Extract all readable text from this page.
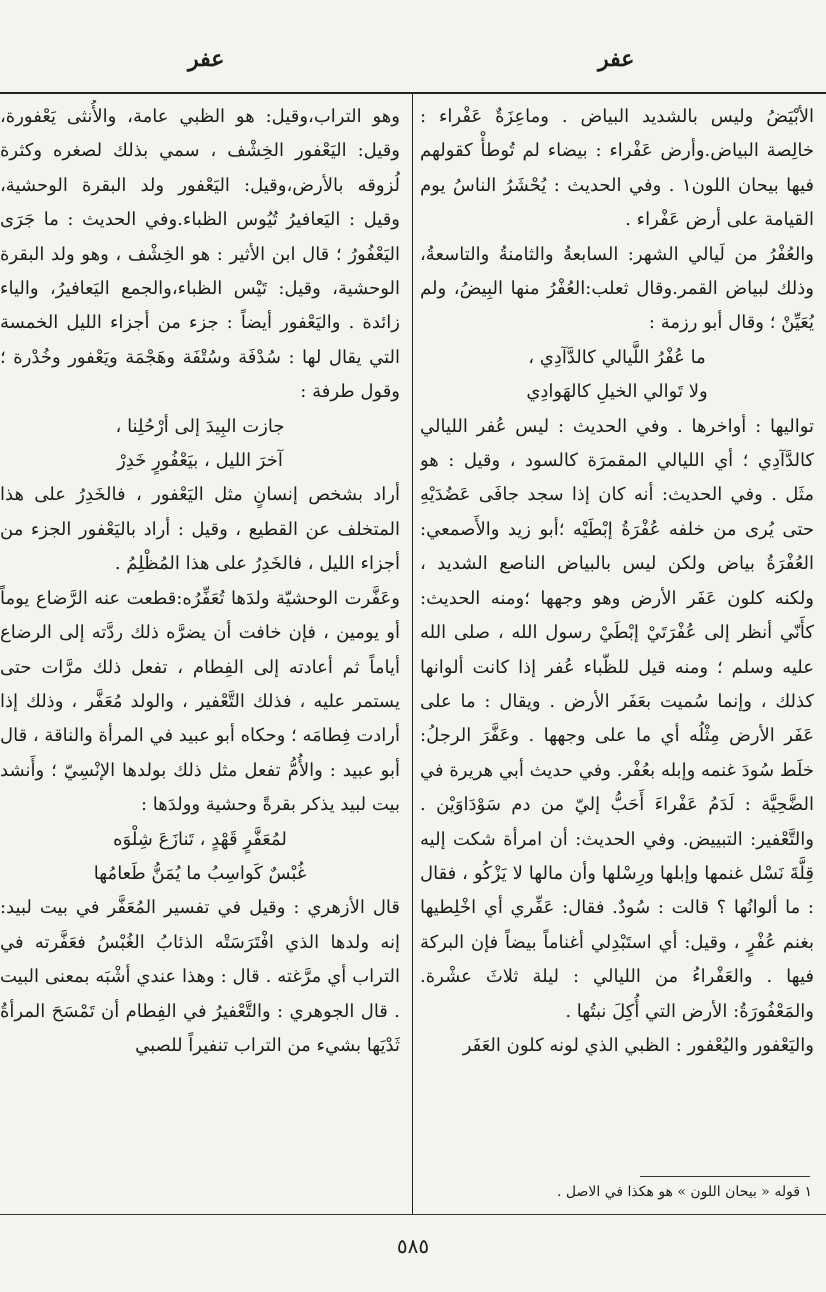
عفر
عفر

الأبْيَضُ وليس بالشديد البياض . وماعِزَةٌ عَفْراء : خالِصة البياض.وأرض عَفْراء : بيضاء لم تُوطأْ كقولهم فيها بيحان اللون١ . وفي الحديث : يُحْشَرُ الناسُ يوم القيامة على أرض عَفْراء .

والعُفْرُ من لَيالي الشهر: السابعةُ والثامنةُ والتاسعةُ، وذلك لبياض القمر.وقال ثعلب:العُفْرُ منها البِيضُ، ولم يُعَيِّنْ ؛ وقال أبو رزمة :

ما عُفْرُ اللَّيالي كالدَّآدِي ،

ولا تَوالي الخيلِ كالهَوادِي

تواليها : أواخرها . وفي الحديث : ليس عُفر الليالي كالدَّآدِي ؛ أي الليالي المقمرَة كالسود ، وقيل : هو مثَل . وفي الحديث: أنه كان إذا سجد جافَى عَضُدَيْهِ حتى يُرى من خلفه عُفْرَةُ إبْطَيْه ؛أبو زيد والأَصمعي: العُفْرَةُ بياض ولكن ليس بالبياض الناصع الشديد ، ولكنه كلون عَفَر الأرض وهو وجهها ؛ومنه الحديث: كأَنّي أنظر إلى عُفْرَتَيْ إبْطَيْ رسول الله ، صلى الله عليه وسلم ؛ ومنه قيل للظّباء عُفر إذا كانت ألوانها كذلك ، وإنما سُميت بعَفَر الأرض . ويقال : ما على عَفَر الأرض مِثْلُه أي ما على وجهها . وعَفَّرَ الرجلُ: خلَط سُودَ غنمه وإبله بعُفْر. وفي حديث أبي هريرة في الضَّحِيَّة : لَدَمُ عَفْراءَ أَحَبُّ إليّ من دم سَوْدَاوَيْن . والتَّعْفير: التبييض. وفي الحديث: أن امرأة شكت إليه قِلَّةَ نَسْل غنمها وإبلها ورِسْلها وأن مالها لا يَزْكُو ، فقال : ما ألوانُها ؟ قالت : سُودٌ. فقال: عَفِّري أي اخْلِطيها بغنم عُفْرٍ ، وقيل: أي استَبْدِلي أغناماً بيضاً فإن البركة فيها . والعَفْراءُ من الليالي : ليلة ثلاثَ عشْرة. والمَعْفُورَةُ: الأرض التي أُكِلَ نبتُها .

واليَعْفور واليُعْفور : الظبي الذي لونه كلون العَفَر

وهو التراب،وقيل: هو الظبي عامة، والأُنثى يَعْفورة، وقيل: اليَعْفور الخِشْف ، سمي بذلك لصغره وكثرة لُزوقه بالأرض،وقيل: اليَعْفور ولد البقرة الوحشية، وقيل : اليَعافيرُ تُيُوس الظباء.وفي الحديث : ما جَرَى اليَعْفُورُ ؛ قال ابن الأثير : هو الخِشْف ، وهو ولد البقرة الوحشية، وقيل: تَيْس الظباء،والجمع اليَعافيرُ، والياء زائدة . واليَعْفور أيضاً : جزء من أجزاء الليل الخمسة التي يقال لها : سُدْفَة وسُتْفَة وهَجْمَة ويَعْفور وخُدْرة ؛ وقول طرفة :

جازت البِيدَ إلى أرْحُلِنا ،

آخرَ الليل ، بيَعْفُورٍ خَدِرْ

أراد بشخص إنسانٍ مثل اليَعْفور ، فالخَدِرُ على هذا المتخلف عن القطيع ، وقيل : أراد باليَعْفور الجزء من أجزاء الليل ، فالخَدِرُ على هذا المُظْلِمُ .

وعَفَّرت الوحشيّة ولدَها تُعَفِّرُه:قطعت عنه الرَّضاع يوماً أو يومين ، فإن خافت أن يضرَّه ذلك ردَّته إلى الرضاع أياماً ثم أعادته إلى الفِطام ، تفعل ذلك مرَّات حتى يستمر عليه ، فذلك التَّعْفير ، والولد مُعَفَّر ، وذلك إذا أرادت فِطامَه ؛ وحكاه أبو عبيد في المرأة والناقة ، قال أبو عبيد : والأُمُّ تفعل مثل ذلك بولدها الإنْسِيّ ؛ وأَنشد بيت لبيد يذكر بقرةً وحشية وولدَها :

لمُعَفَّرٍ قَهْدٍ ، تَنازَعَ شِلْوَه

غُبْسٌ كَواسِبُ ما يُمَنُّ طَعامُها

قال الأزهري : وقيل في تفسير المُعَفَّر في بيت لبيد: إنه ولدها الذي افْتَرَسَتْه الذئابُ الغُبْسُ فعَفَّرته في التراب أي مرَّغته . قال : وهذا عندي أشْبَه بمعنى البيت . قال الجوهري : والتَّعْفيرُ في الفِطام أن تَمْسَحَ المرأةُ ثَدْيَها بشيء من التراب تنفيراً للصبي

١ قوله « بيحان اللون » هو هكذا في الاصل .
٥٨٥
